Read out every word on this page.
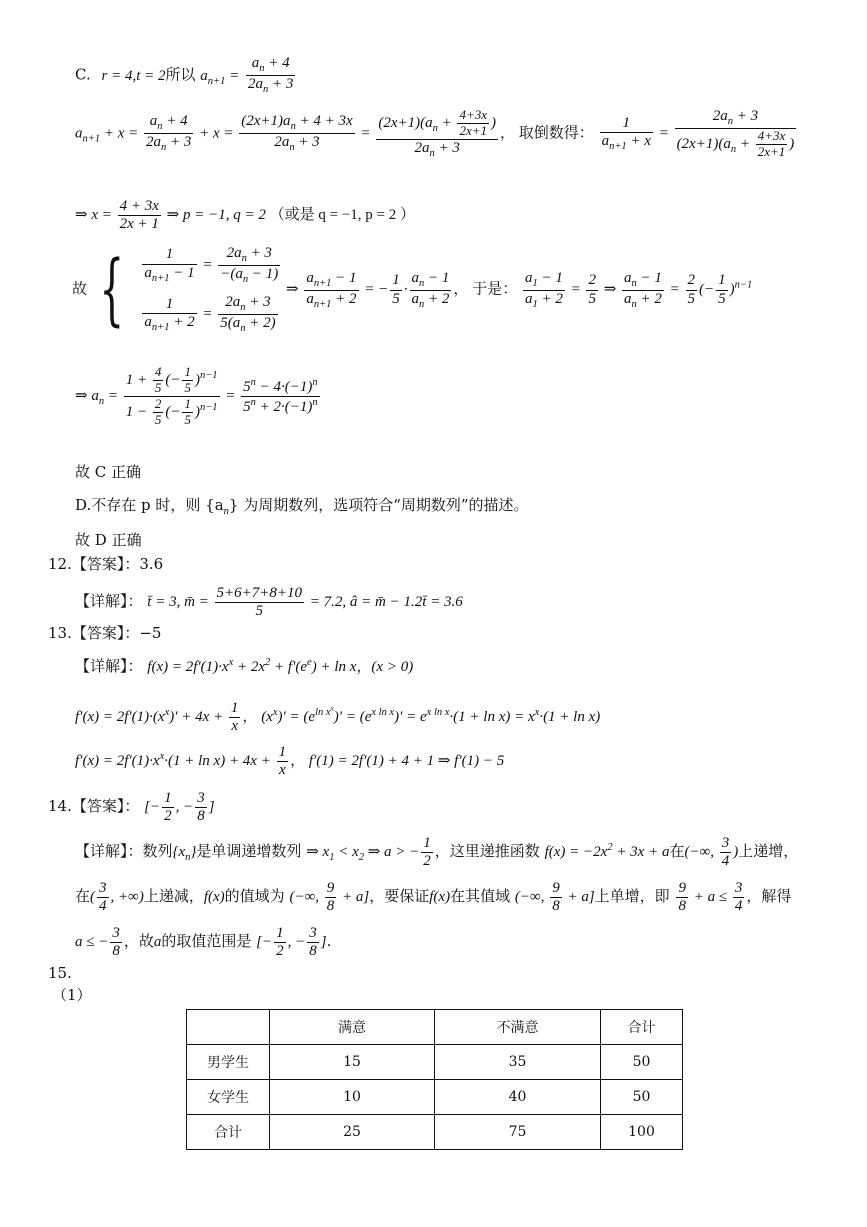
C. r = 4,t = 2所以 $a_{n+1} = \frac{a_n + 4}{2a_n + 3}$
$a_{n+1} + x = \frac{a_n + 4}{2a_n + 3} + x = \frac{(2x+1)a_n + 4 + 3x}{2a_n + 3} = \frac{(2x+1)(a_n + \frac{4+3x}{2x+1} )}{2a_n + 3}$ ， 取倒数得： $\frac{1}{a_{n+1} + x} = \frac{2a_n + 3}{(2x+1)(a_n + \frac{4+3x}{2x+1} )}$
⇒ $x = \frac{4 + 3x}{2x + 1}$ ⇒ p = −1, q = 2 （或是 q = −1, p = 2 ）
故 { $\frac{1}{a_{n+1} - 1} = \frac{2a_n + 3}{-(a_n - 1)}$
$\frac{1}{a_{n+1} + 2} = \frac{2a_n + 3}{5(a_n + 2)}$
⇒ $\frac{a_{n+1} - 1}{a_{n+1} + 2}$ = − $\frac{1}{5} \cdot \frac{a_n - 1}{a_n + 2}$ ， 于是： $\frac{a_1 - 1}{a_1 + 2} = \frac{2}{5}$ ⇒ $\frac{a_n - 1}{a_n + 2} = \frac{2}{5}$ (− $\frac{1}{5} )^{n-1}$
⇒ $a_n = \frac{1 + \frac{4}{5} (- \frac{1}{5} )^{n-1}}{1 - \frac{2}{5} (- \frac{1}{5} )^{n-1}} = \frac{5^n - 4\cdot(-1)^n}{5^n + 2\cdot(-1)^n}$
故 C 正确
D.不存在 p 时，则 $\{a_n\}$ 为周期数列，选项符合“周期数列”的描述。
故 D 正确
12.【答案】：3.6
【详解】： t̄ = 3, m̄ = $\frac{5+6+7+8+10}{5} = 7.2$, â = m̄ − 1.2t̄ = 3.6
13.【答案】：−5
【详解】： $f(x) = 2f'(1)\cdot x^x + 2x^2 + f'(e^e) + \ln x$，(x > 0)
$f'(x) = 2f'(1)\cdot(x^x)' + 4x + \frac{1}{x}$ ， $(x^x)' = (e^{ln x^x})' = (e^{x ln x})' = e^{x ln x}\cdot(1 + \ln x) = x^x\cdot(1 + \ln x)$
$f'(x) = 2f'(1)\cdot x^x\cdot(1 + \ln x) + 4x + \frac{1}{x}$ ， f′(1) = 2f′(1) + 4 + 1 ⇒ f′(1) − 5
14.【答案】： [− $\frac{1}{2}$ , − $\frac{3}{8}$ ]
【详解】：数列$\{x_n\}$是单调递增数列 ⇒ $x_1 < x_2$ ⇒ a > − $\frac{1}{2}$ ，这里递推函数 $f(x) = -2x^2 + 3x + a$在(−∞, $\frac{3}{4}$ )上递增，
在( $\frac{3}{4}$ , +∞)上递减，f(x)的值域为 (−∞, $\frac{9}{8} + a$]，要保证f(x)在其值域 (−∞, $\frac{9}{8} + a$]上单增，即 $\frac{9}{8} + a \le \frac{3}{4}$ ，解得
a ≤ − $\frac{3}{8}$ ，故a的取值范围是 [− $\frac{1}{2}$ , − $\frac{3}{8}$ ].
15.
（1）
	满意	不满意	合计
男学生	15	35	50
女学生	10	40	50
合计	25	75	100
